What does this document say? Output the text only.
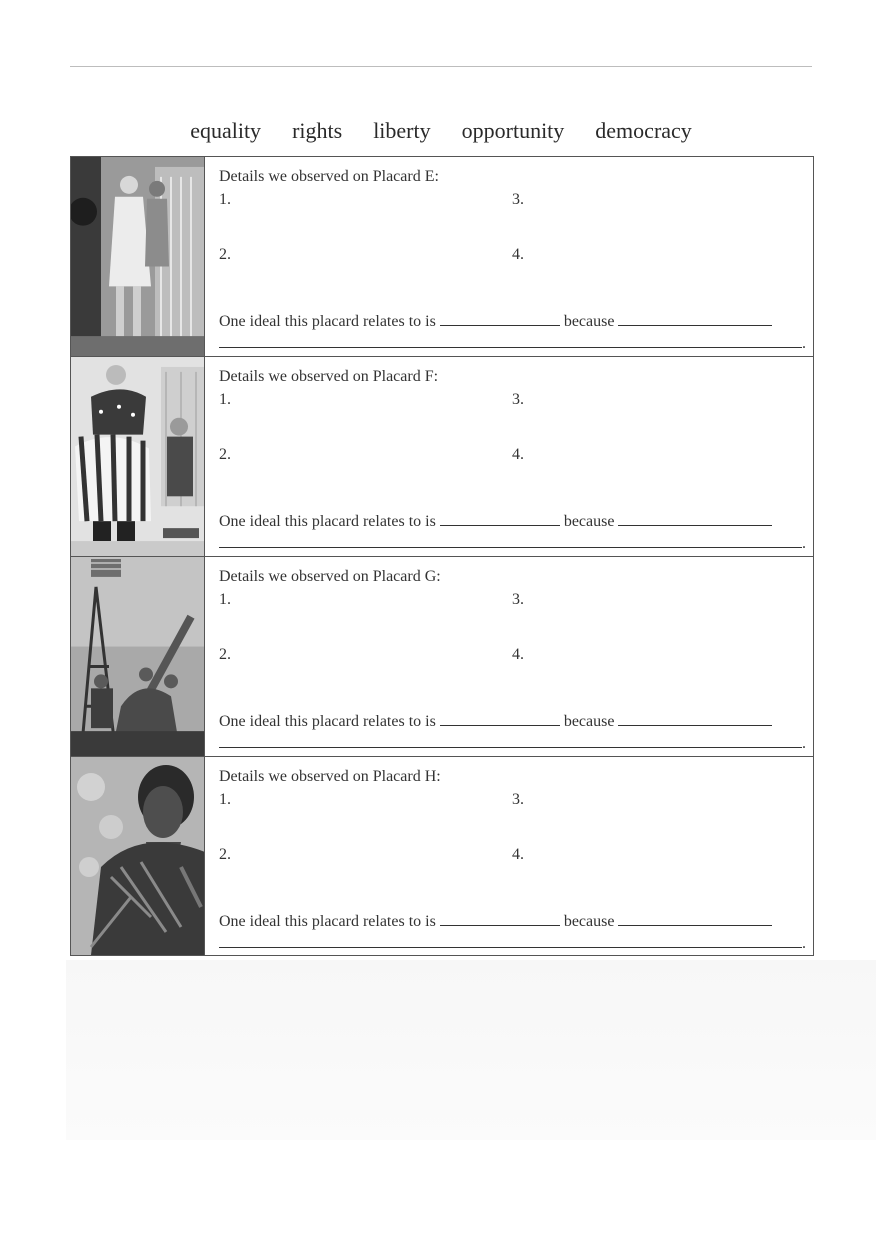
equality rights liberty opportunity democracy
Details we observed on Placard E:
1.	3.
2.	4.
One ideal this placard relates to is	because
.
Details we observed on Placard F:
1.	3.
2.	4.
One ideal this placard relates to is	because
.
Details we observed on Placard G:
1.	3.
2.	4.
One ideal this placard relates to is	because
.
Details we observed on Placard H:
1.	3.
2.	4.
One ideal this placard relates to is	because
.
